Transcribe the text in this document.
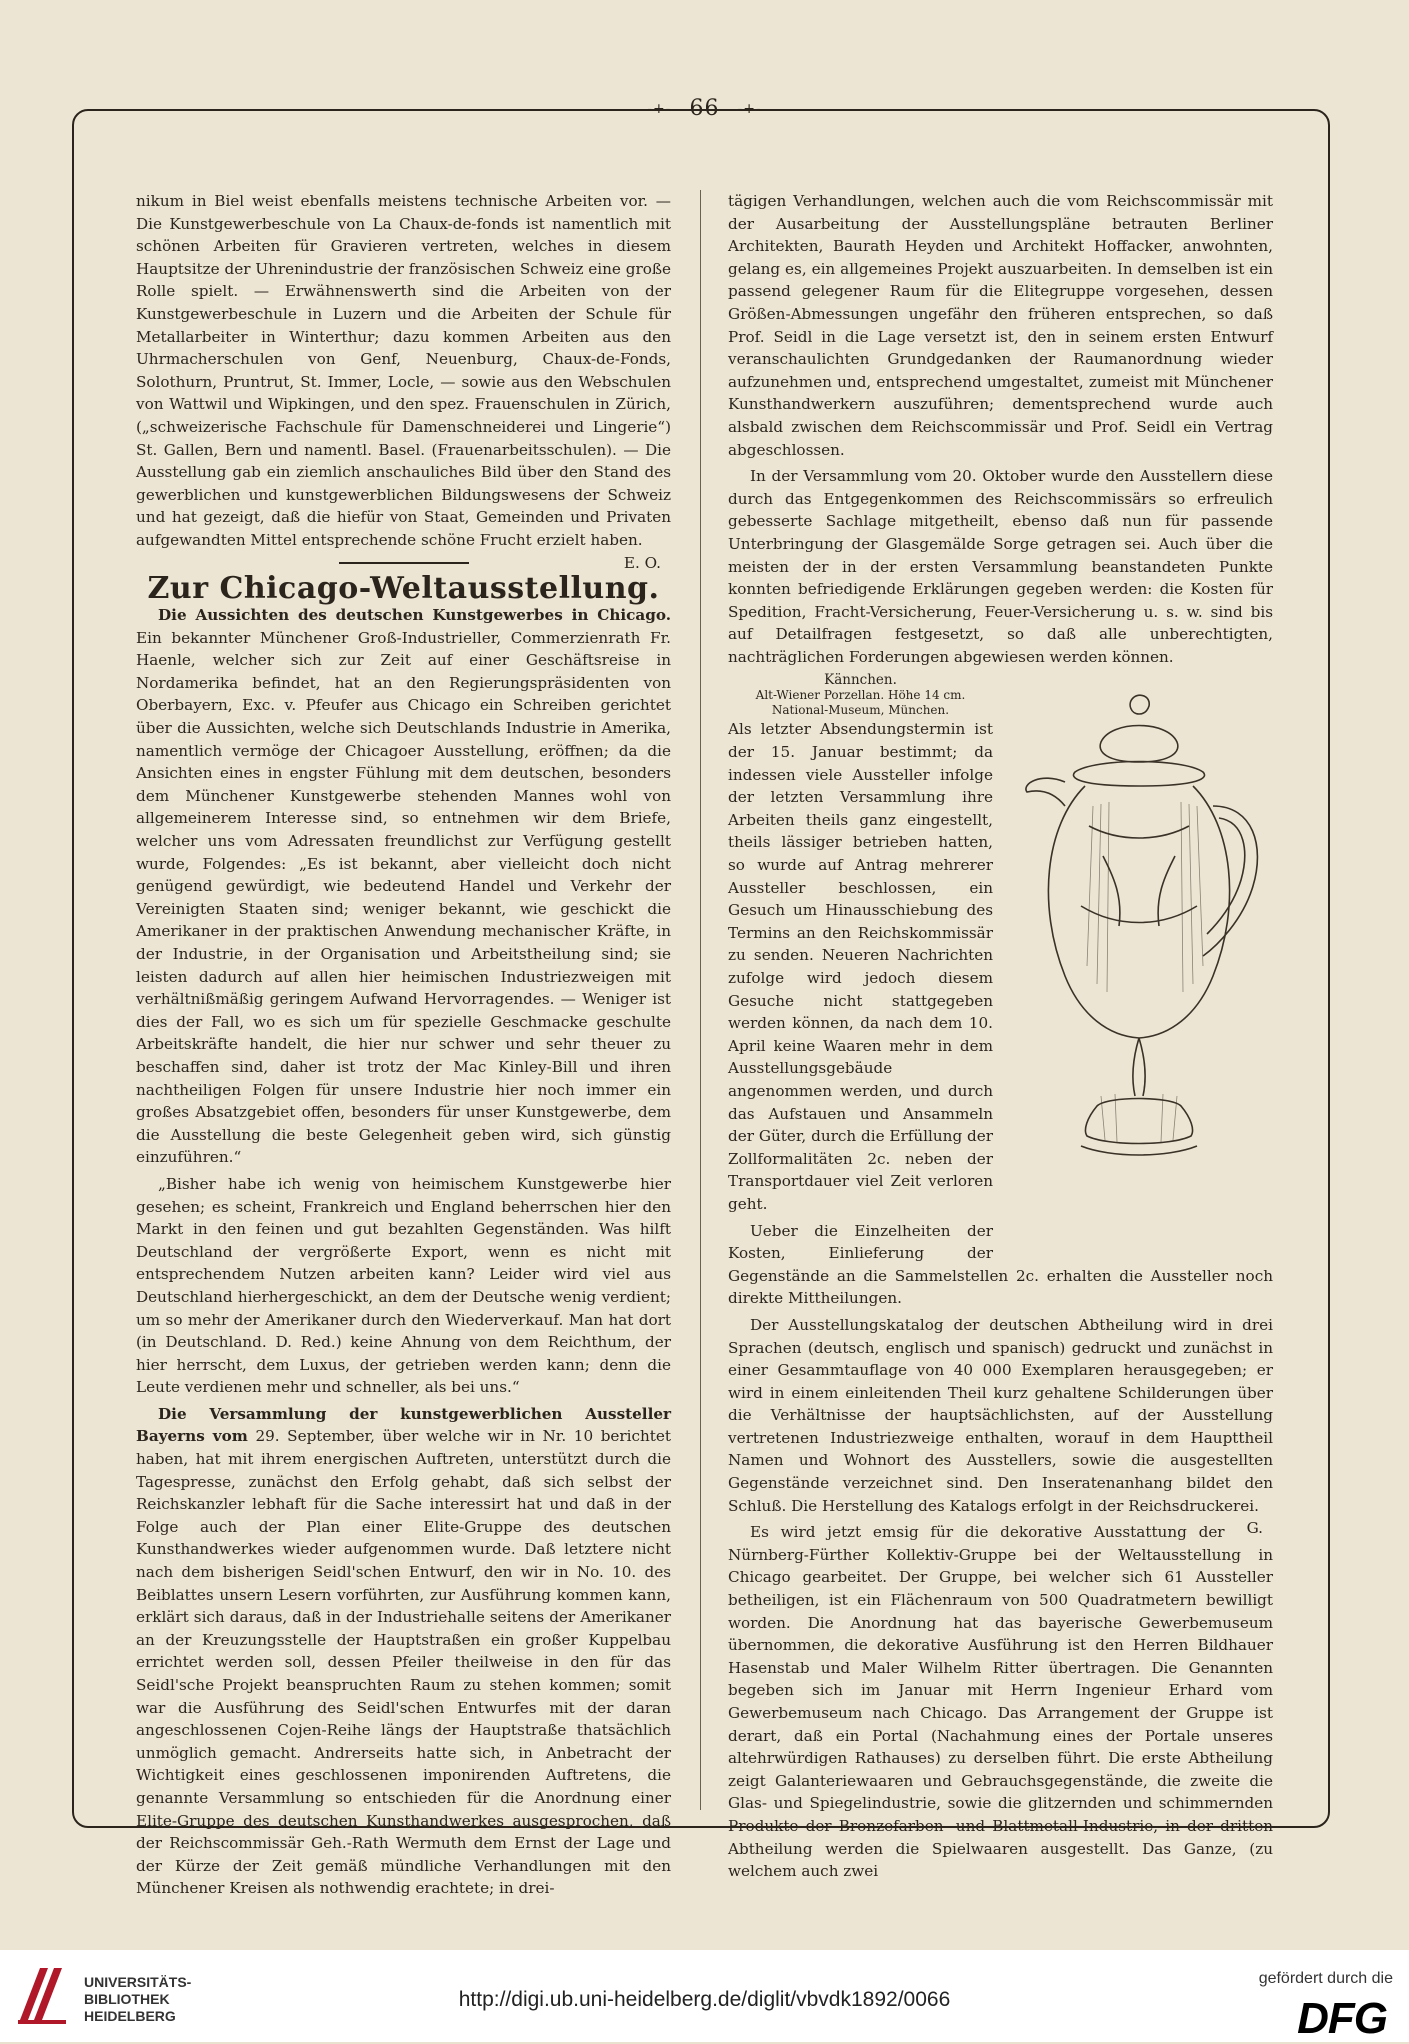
-+- 66 -+-

nikum in Biel weist ebenfalls meistens technische Arbeiten vor. — Die Kunstgewerbeschule von La Chaux-de-fonds ist namentlich mit schönen Arbeiten für Gravieren vertreten, welches in diesem Hauptsitze der Uhrenindustrie der französischen Schweiz eine große Rolle spielt. — Erwähnenswerth sind die Arbeiten von der Kunstgewerbeschule in Luzern und die Arbeiten der Schule für Metallarbeiter in Winterthur; dazu kommen Arbeiten aus den Uhrmacherschulen von Genf, Neuenburg, Chaux-de-Fonds, Solothurn, Pruntrut, St. Immer, Locle, — sowie aus den Webschulen von Wattwil und Wipkingen, und den spez. Frauenschulen in Zürich, („schweizerische Fachschule für Damenschneiderei und Lingerie“) St. Gallen, Bern und namentl. Basel. (Frauenarbeitsschulen). — Die Ausstellung gab ein ziemlich anschauliches Bild über den Stand des gewerblichen und kunstgewerblichen Bildungswesens der Schweiz und hat gezeigt, daß die hiefür von Staat, Gemeinden und Privaten aufgewandten Mittel entsprechende schöne Frucht erzielt haben.
E. O.

Zur Chicago-Weltausstellung.

Die Aussichten des deutschen Kunstgewerbes in Chicago. Ein bekannter Münchener Groß-Industrieller, Commerzienrath Fr. Haenle, welcher sich zur Zeit auf einer Geschäftsreise in Nordamerika befindet, hat an den Regierungspräsidenten von Oberbayern, Exc. v. Pfeufer aus Chicago ein Schreiben gerichtet über die Aussichten, welche sich Deutschlands Industrie in Amerika, namentlich vermöge der Chicagoer Ausstellung, eröffnen; da die Ansichten eines in engster Fühlung mit dem deutschen, besonders dem Münchener Kunstgewerbe stehenden Mannes wohl von allgemeinerem Interesse sind, so entnehmen wir dem Briefe, welcher uns vom Adressaten freundlichst zur Verfügung gestellt wurde, Folgendes: „Es ist bekannt, aber vielleicht doch nicht genügend gewürdigt, wie bedeutend Handel und Verkehr der Vereinigten Staaten sind; weniger bekannt, wie geschickt die Amerikaner in der praktischen Anwendung mechanischer Kräfte, in der Industrie, in der Organisation und Arbeitstheilung sind; sie leisten dadurch auf allen hier heimischen Industriezweigen mit verhältnißmäßig geringem Aufwand Hervorragendes. — Weniger ist dies der Fall, wo es sich um für spezielle Geschmacke geschulte Arbeitskräfte handelt, die hier nur schwer und sehr theuer zu beschaffen sind, daher ist trotz der Mac Kinley-Bill und ihren nachtheiligen Folgen für unsere Industrie hier noch immer ein großes Absatzgebiet offen, besonders für unser Kunstgewerbe, dem die Ausstellung die beste Gelegenheit geben wird, sich günstig einzuführen.“

„Bisher habe ich wenig von heimischem Kunstgewerbe hier gesehen; es scheint, Frankreich und England beherrschen hier den Markt in den feinen und gut bezahlten Gegenständen. Was hilft Deutschland der vergrößerte Export, wenn es nicht mit entsprechendem Nutzen arbeiten kann? Leider wird viel aus Deutschland hierhergeschickt, an dem der Deutsche wenig verdient; um so mehr der Amerikaner durch den Wiederverkauf. Man hat dort (in Deutschland. D. Red.) keine Ahnung von dem Reichthum, der hier herrscht, dem Luxus, der getrieben werden kann; denn die Leute verdienen mehr und schneller, als bei uns.“

Die Versammlung der kunstgewerblichen Aussteller Bayerns vom 29. September, über welche wir in Nr. 10 berichtet haben, hat mit ihrem energischen Auftreten, unterstützt durch die Tagespresse, zunächst den Erfolg gehabt, daß sich selbst der Reichskanzler lebhaft für die Sache interessirt hat und daß in der Folge auch der Plan einer Elite-Gruppe des deutschen Kunsthandwerkes wieder aufgenommen wurde. Daß letztere nicht nach dem bisherigen Seidl'schen Entwurf, den wir in No. 10. des Beiblattes unsern Lesern vorführten, zur Ausführung kommen kann, erklärt sich daraus, daß in der Industriehalle seitens der Amerikaner an der Kreuzungsstelle der Hauptstraßen ein großer Kuppelbau errichtet werden soll, dessen Pfeiler theilweise in den für das Seidl'sche Projekt beanspruchten Raum zu stehen kommen; somit war die Ausführung des Seidl'schen Entwurfes mit der daran angeschlossenen Cojen-Reihe längs der Hauptstraße thatsächlich unmöglich gemacht. Andrerseits hatte sich, in Anbetracht der Wichtigkeit eines geschlossenen imponirenden Auftretens, die genannte Versammlung so entschieden für die Anordnung einer Elite-Gruppe des deutschen Kunsthandwerkes ausgesprochen, daß der Reichscommissär Geh.-Rath Wermuth dem Ernst der Lage und der Kürze der Zeit gemäß mündliche Verhandlungen mit den Münchener Kreisen als nothwendig erachtete; in drei-

tägigen Verhandlungen, welchen auch die vom Reichscommissär mit der Ausarbeitung der Ausstellungspläne betrauten Berliner Architekten, Baurath Heyden und Architekt Hoffacker, anwohnten, gelang es, ein allgemeines Projekt auszuarbeiten. In demselben ist ein passend gelegener Raum für die Elitegruppe vorgesehen, dessen Größen-Abmessungen ungefähr den früheren entsprechen, so daß Prof. Seidl in die Lage versetzt ist, den in seinem ersten Entwurf veranschaulichten Grundgedanken der Raumanordnung wieder aufzunehmen und, entsprechend umgestaltet, zumeist mit Münchener Kunsthandwerkern auszuführen; dementsprechend wurde auch alsbald zwischen dem Reichscommissär und Prof. Seidl ein Vertrag abgeschlossen.

In der Versammlung vom 20. Oktober wurde den Ausstellern diese durch das Entgegenkommen des Reichscommissärs so erfreulich gebesserte Sachlage mitgetheilt, ebenso daß nun für passende Unterbringung der Glasgemälde Sorge getragen sei. Auch über die meisten der in der ersten Versammlung beanstandeten Punkte konnten befriedigende Erklärungen gegeben werden: die Kosten für Spedition, Fracht-Versicherung, Feuer-Versicherung u. s. w. sind bis auf Detailfragen festgesetzt, so daß alle unberechtigten, nachträglichen Forderungen abgewiesen werden können.

Kännchen.
Alt-Wiener Porzellan. Höhe 14 cm.
National-Museum, München.
Als letzter Absendungstermin ist der 15. Januar bestimmt; da indessen viele Aussteller infolge der letzten Versammlung ihre Arbeiten theils ganz eingestellt, theils lässiger betrieben hatten, so wurde auf Antrag mehrerer Aussteller beschlossen, ein Gesuch um Hinausschiebung des Termins an den Reichskommissär zu senden. Neueren Nachrichten zufolge wird jedoch diesem Gesuche nicht stattgegeben werden können, da nach dem 10. April keine Waaren mehr in dem Ausstellungsgebäude angenommen werden, und durch das Aufstauen und Ansammeln der Güter, durch die Erfüllung der Zollformalitäten 2c. neben der Transportdauer viel Zeit verloren geht.

Ueber die Einzelheiten der Kosten, Einlieferung der Gegenstände an die Sammelstellen 2c. erhalten die Aussteller noch direkte Mittheilungen.

Der Ausstellungskatalog der deutschen Abtheilung wird in drei Sprachen (deutsch, englisch und spanisch) gedruckt und zunächst in einer Gesammtauflage von 40 000 Exemplaren herausgegeben; er wird in einem einleitenden Theil kurz gehaltene Schilderungen über die Verhältnisse der hauptsächlichsten, auf der Ausstellung vertretenen Industriezweige enthalten, worauf in dem Haupttheil Namen und Wohnort des Ausstellers, sowie die ausgestellten Gegenstände verzeichnet sind. Den Inseratenanhang bildet den Schluß. Die Herstellung des Katalogs erfolgt in der Reichsdruckerei.
G.

Es wird jetzt emsig für die dekorative Ausstattung der Nürnberg-Fürther Kollektiv-Gruppe bei der Weltausstellung in Chicago gearbeitet. Der Gruppe, bei welcher sich 61 Aussteller betheiligen, ist ein Flächenraum von 500 Quadratmetern bewilligt worden. Die Anordnung hat das bayerische Gewerbemuseum übernommen, die dekorative Ausführung ist den Herren Bildhauer Hasenstab und Maler Wilhelm Ritter übertragen. Die Genannten begeben sich im Januar mit Herrn Ingenieur Erhard vom Gewerbemuseum nach Chicago. Das Arrangement der Gruppe ist derart, daß ein Portal (Nachahmung eines der Portale unseres altehrwürdigen Rathauses) zu derselben führt. Die erste Abtheilung zeigt Galanteriewaaren und Gebrauchsgegenstände, die zweite die Glas- und Spiegelindustrie, sowie die glitzernden und schimmernden Produkte der Bronzefarben- und Blattmetall-Industrie, in der dritten Abtheilung werden die Spielwaaren ausgestellt. Das Ganze, (zu welchem auch zwei

UNIVERSITÄTS-
BIBLIOTHEK
HEIDELBERG
http://digi.ub.uni-heidelberg.de/diglit/vbvdk1892/0066
gefördert durch die
DFG
